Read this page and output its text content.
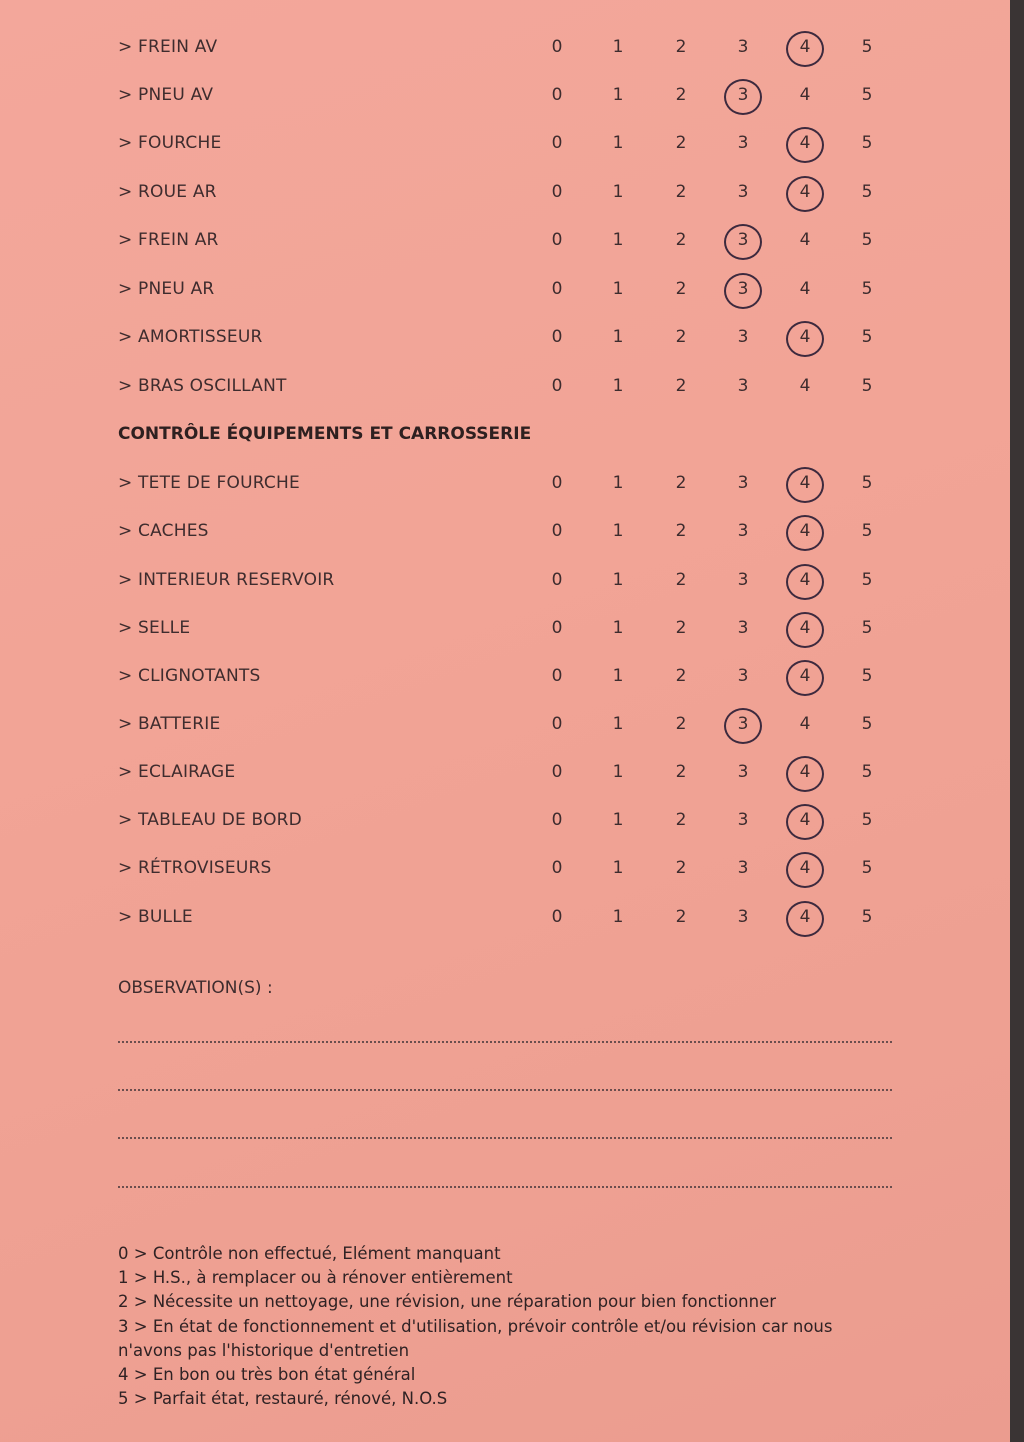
> FREIN AV	0	1	2	3	4	5
> PNEU AV	0	1	2	3	4	5
> FOURCHE	0	1	2	3	4	5
> ROUE AR	0	1	2	3	4	5
> FREIN AR	0	1	2	3	4	5
> PNEU AR	0	1	2	3	4	5
> AMORTISSEUR	0	1	2	3	4	5
> BRAS OSCILLANT	0	1	2	3	4	5
CONTRÔLE ÉQUIPEMENTS ET CARROSSERIE
> TETE DE FOURCHE	0	1	2	3	4	5
> CACHES	0	1	2	3	4	5
> INTERIEUR RESERVOIR	0	1	2	3	4	5
> SELLE	0	1	2	3	4	5
> CLIGNOTANTS	0	1	2	3	4	5
> BATTERIE	0	1	2	3	4	5
> ECLAIRAGE	0	1	2	3	4	5
> TABLEAU DE BORD	0	1	2	3	4	5
> RÉTROVISEURS	0	1	2	3	4	5
> BULLE	0	1	2	3	4	5
OBSERVATION(S) :

0 > Contrôle non effectué, Elément manquant

1 > H.S., à remplacer ou à rénover entièrement

2 > Nécessite un nettoyage, une révision, une réparation pour bien fonctionner

3 > En état de fonctionnement et d'utilisation, prévoir contrôle et/ou révision car nous n'avons pas l'historique d'entretien

4 > En bon ou très bon état général

5 > Parfait état, restauré, rénové, N.O.S
